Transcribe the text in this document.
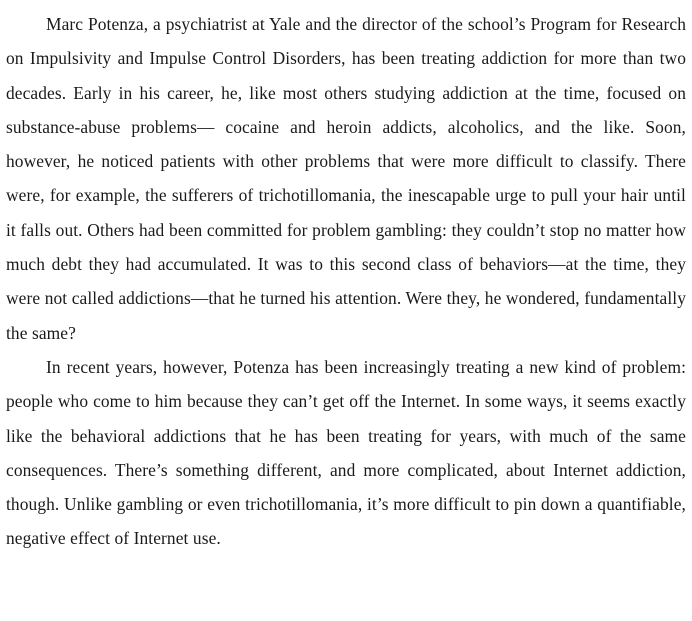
Marc Potenza, a psychiatrist at Yale and the director of the school’s Program for Research on Impulsivity and Impulse Control Disorders, has been treating addiction for more than two decades. Early in his career, he, like most others studying addiction at the time, focused on substance-abuse problems— cocaine and heroin addicts, alcoholics, and the like. Soon, however, he noticed patients with other problems that were more difficult to classify. There were, for example, the sufferers of trichotillomania, the inescapable urge to pull your hair until it falls out. Others had been committed for problem gambling: they couldn’t stop no matter how much debt they had accumulated. It was to this second class of behaviors—at the time, they were not called addictions—that he turned his attention. Were they, he wondered, fundamentally the same?

In recent years, however, Potenza has been increasingly treating a new kind of problem: people who come to him because they can’t get off the Internet. In some ways, it seems exactly like the behavioral addictions that he has been treating for years, with much of the same consequences. There’s something different, and more complicated, about Internet addiction, though. Unlike gambling or even trichotillomania, it’s more difficult to pin down a quantifiable, negative effect of Internet use.
